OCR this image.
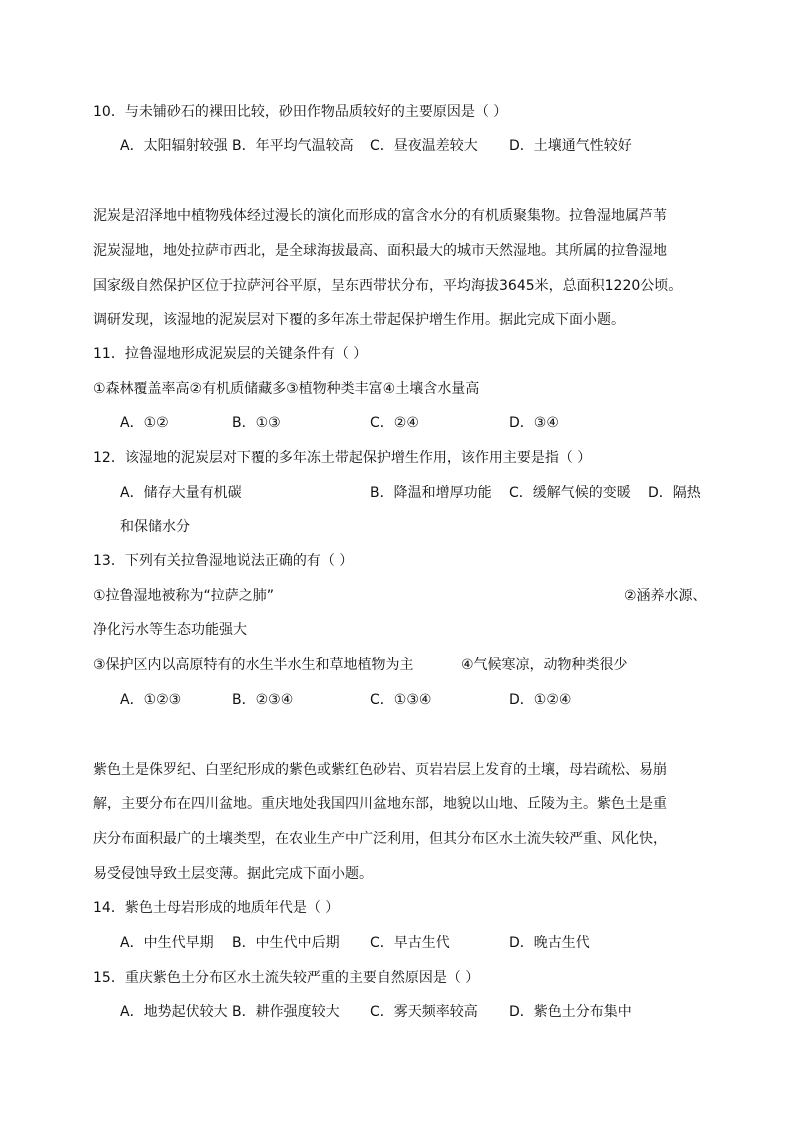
10．与未铺砂石的裸田比较，砂田作物品质较好的主要原因是（ ）
A．太阳辐射较强 B．年平均气温较高 C．昼夜温差较大 D．土壤通气性较好
泥炭是沼泽地中植物残体经过漫长的演化而形成的富含水分的有机质聚集物。拉鲁湿地属芦苇
泥炭湿地，地处拉萨市西北，是全球海拔最高、面积最大的城市天然湿地。其所属的拉鲁湿地
国家级自然保护区位于拉萨河谷平原，呈东西带状分布，平均海拔3645米，总面积1220公顷。
调研发现，该湿地的泥炭层对下覆的多年冻土带起保护增生作用。据此完成下面小题。
11．拉鲁湿地形成泥炭层的关键条件有（ ）
①森林覆盖率高②有机质储藏多③植物种类丰富④土壤含水量高
A．①②	B．①③	C．②④	D．③④
12．该湿地的泥炭层对下覆的多年冻土带起保护增生作用，该作用主要是指（ ）
A．储存大量有机碳	B．降温和增厚功能 C．缓解气候的变暖 D．隔热
和保储水分
13．下列有关拉鲁湿地说法正确的有（ ）
①拉鲁湿地被称为“拉萨之肺”	②涵养水源、
净化污水等生态功能强大
③保护区内以高原特有的水生半水生和草地植物为主	④气候寒凉，动物种类很少
A．①②③	B．②③④	C．①③④	D．①②④
紫色土是侏罗纪、白垩纪形成的紫色或紫红色砂岩、页岩岩层上发育的土壤，母岩疏松、易崩
解，主要分布在四川盆地。重庆地处我国四川盆地东部，地貌以山地、丘陵为主。紫色土是重
庆分布面积最广的土壤类型，在农业生产中广泛利用，但其分布区水土流失较严重、风化快，
易受侵蚀导致土层变薄。据此完成下面小题。
14．紫色土母岩形成的地质年代是（ ）
A．中生代早期 B．中生代中后期 C．早古生代	D．晚古生代
15．重庆紫色土分布区水土流失较严重的主要自然原因是（ ）
A．地势起伏较大 B．耕作强度较大 C．雾天频率较高 D．紫色土分布集中
